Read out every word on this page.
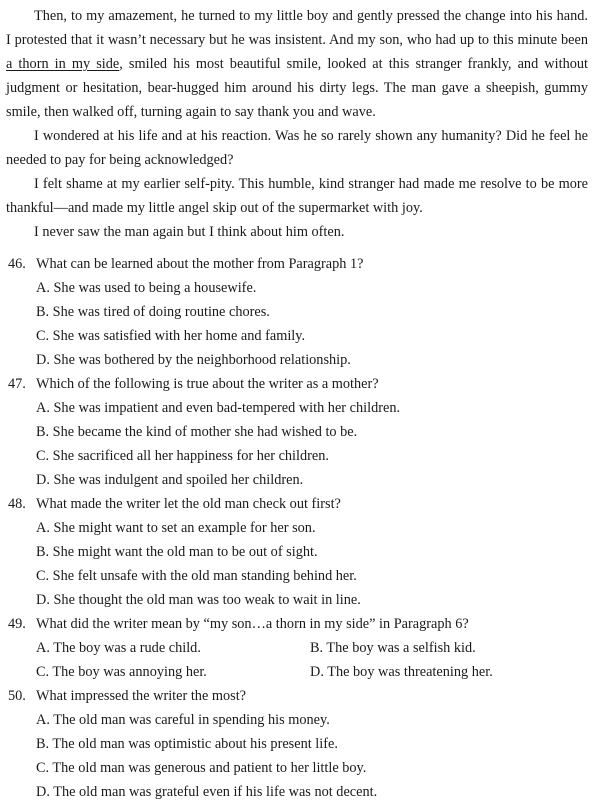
Then, to my amazement, he turned to my little boy and gently pressed the change into his hand. I protested that it wasn’t necessary but he was insistent. And my son, who had up to this minute been a thorn in my side, smiled his most beautiful smile, looked at this stranger frankly, and without judgment or hesitation, bear-hugged him around his dirty legs. The man gave a sheepish, gummy smile, then walked off, turning again to say thank you and wave.

I wondered at his life and at his reaction. Was he so rarely shown any humanity? Did he feel he needed to pay for being acknowledged?

I felt shame at my earlier self-pity. This humble, kind stranger had made me resolve to be more thankful—and made my little angel skip out of the supermarket with joy.

I never saw the man again but I think about him often.

46. What can be learned about the mother from Paragraph 1?

A. She was used to being a housewife.

B. She was tired of doing routine chores.

C. She was satisfied with her home and family.

D. She was bothered by the neighborhood relationship.

47. Which of the following is true about the writer as a mother?

A. She was impatient and even bad-tempered with her children.

B. She became the kind of mother she had wished to be.

C. She sacrificed all her happiness for her children.

D. She was indulgent and spoiled her children.

48. What made the writer let the old man check out first?

A. She might want to set an example for her son.

B. She might want the old man to be out of sight.

C. She felt unsafe with the old man standing behind her.

D. She thought the old man was too weak to wait in line.

49. What did the writer mean by “my son…a thorn in my side” in Paragraph 6?

A. The boy was a rude child.	B. The boy was a selfish kid.
C. The boy was annoying her.	D. The boy was threatening her.

50. What impressed the writer the most?

A. The old man was careful in spending his money.

B. The old man was optimistic about his present life.

C. The old man was generous and patient to her little boy.

D. The old man was grateful even if his life was not decent.
